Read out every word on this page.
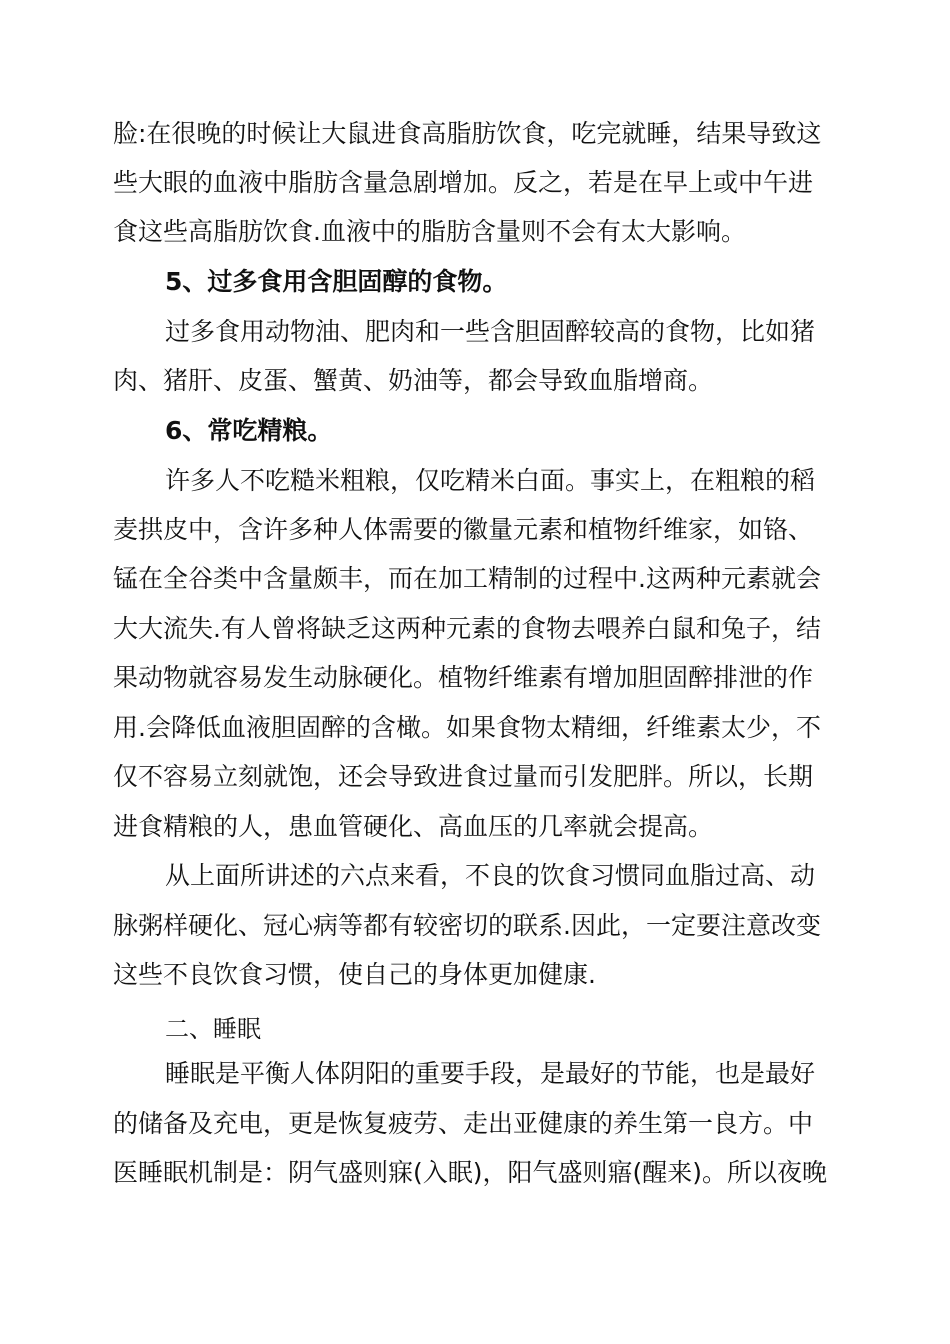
脸:在很晚的时候让大鼠进食高脂肪饮食，吃完就睡，结果导致这
些大眼的血液中脂肪含量急剧增加。反之，若是在早上或中午进
食这些高脂肪饮食.血液中的脂肪含量则不会有太大影响。
5、过多食用含胆固醇的食物。
过多食用动物油、肥肉和一些含胆固醉较高的食物，比如猪
肉、猪肝、皮蛋、蟹黄、奶油等，都会导致血脂增商。
6、常吃精粮。
许多人不吃糙米粗粮，仅吃精米白面。事实上，在粗粮的稻
麦拱皮中，含许多种人体需要的徽量元素和植物纤维家，如铬、
锰在全谷类中含量颇丰，而在加工精制的过程中.这两种元素就会
大大流失.有人曾将缺乏这两种元素的食物去喂养白鼠和兔子，结
果动物就容易发生动脉硬化。植物纤维素有增加胆固醉排泄的作
用.会降低血液胆固醉的含橄。如果食物太精细，纤维素太少，不
仅不容易立刻就饱，还会导致进食过量而引发肥胖。所以，长期
进食精粮的人，患血管硬化、高血压的几率就会提高。
从上面所讲述的六点来看，不良的饮食习惯同血脂过高、动
脉粥样硬化、冠心病等都有较密切的联系.因此，一定要注意改变
这些不良饮食习惯，使自己的身体更加健康.
二、睡眠
睡眠是平衡人体阴阳的重要手段，是最好的节能，也是最好
的储备及充电，更是恢复疲劳、走出亚健康的养生第一良方。中
医睡眠机制是：阴气盛则寐(入眠)，阳气盛则寤(醒来)。所以夜晚
